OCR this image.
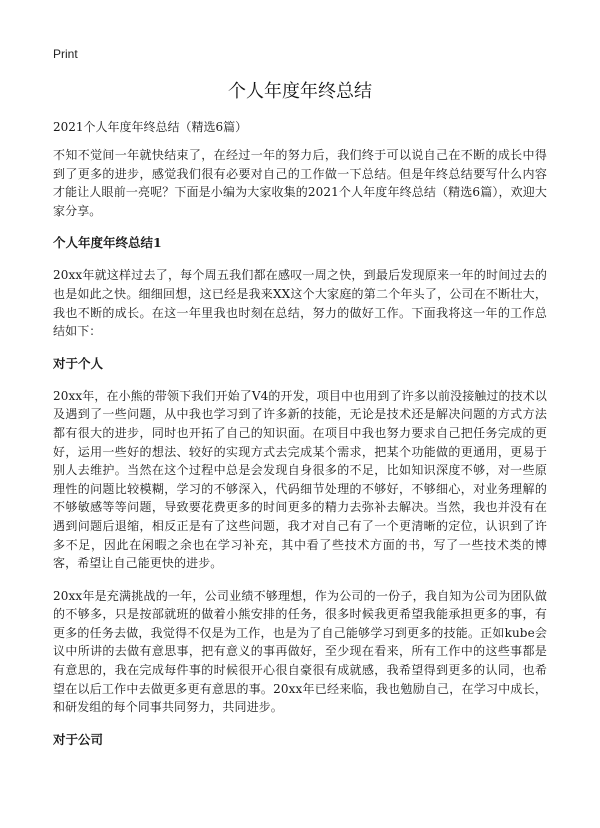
Print
个人年度年终总结

2021个人年度年终总结（精选6篇）

不知不觉间一年就快结束了，在经过一年的努力后，我们终于可以说自己在不断的成长中得到了更多的进步，感觉我们很有必要对自己的工作做一下总结。但是年终总结要写什么内容才能让人眼前一亮呢？下面是小编为大家收集的2021个人年度年终总结（精选6篇），欢迎大家分享。

个人年度年终总结1

20xx年就这样过去了，每个周五我们都在感叹一周之快，到最后发现原来一年的时间过去的也是如此之快。细细回想，这已经是我来XX这个大家庭的第二个年头了，公司在不断壮大，我也不断的成长。在这一年里我也时刻在总结，努力的做好工作。下面我将这一年的工作总结如下：

对于个人

20xx年，在小熊的带领下我们开始了V4的开发，项目中也用到了许多以前没接触过的技术以及遇到了一些问题，从中我也学习到了许多新的技能，无论是技术还是解决问题的方式方法都有很大的进步，同时也开拓了自己的知识面。在项目中我也努力要求自己把任务完成的更好，运用一些好的想法、较好的实现方式去完成某个需求，把某个功能做的更通用，更易于别人去维护。当然在这个过程中总是会发现自身很多的不足，比如知识深度不够，对一些原理性的问题比较模糊，学习的不够深入，代码细节处理的不够好，不够细心，对业务理解的不够敏感等等问题，导致要花费更多的时间更多的精力去弥补去解决。当然，我也并没有在遇到问题后退缩，相反正是有了这些问题，我才对自己有了一个更清晰的定位，认识到了许多不足，因此在闲暇之余也在学习补充，其中看了些技术方面的书，写了一些技术类的博客，希望让自己能更快的进步。

20xx年是充满挑战的一年，公司业绩不够理想，作为公司的一份子，我自知为公司为团队做的不够多，只是按部就班的做着小熊安排的任务，很多时候我更希望我能承担更多的事，有更多的任务去做，我觉得不仅是为工作，也是为了自己能够学习到更多的技能。正如kube会议中所讲的去做有意思事，把有意义的事再做好，至少现在看来，所有工作中的这些事都是有意思的，我在完成每件事的时候很开心很自豪很有成就感，我希望得到更多的认同，也希望在以后工作中去做更多更有意思的事。20xx年已经来临，我也勉励自己，在学习中成长，和研发组的每个同事共同努力，共同进步。

对于公司
